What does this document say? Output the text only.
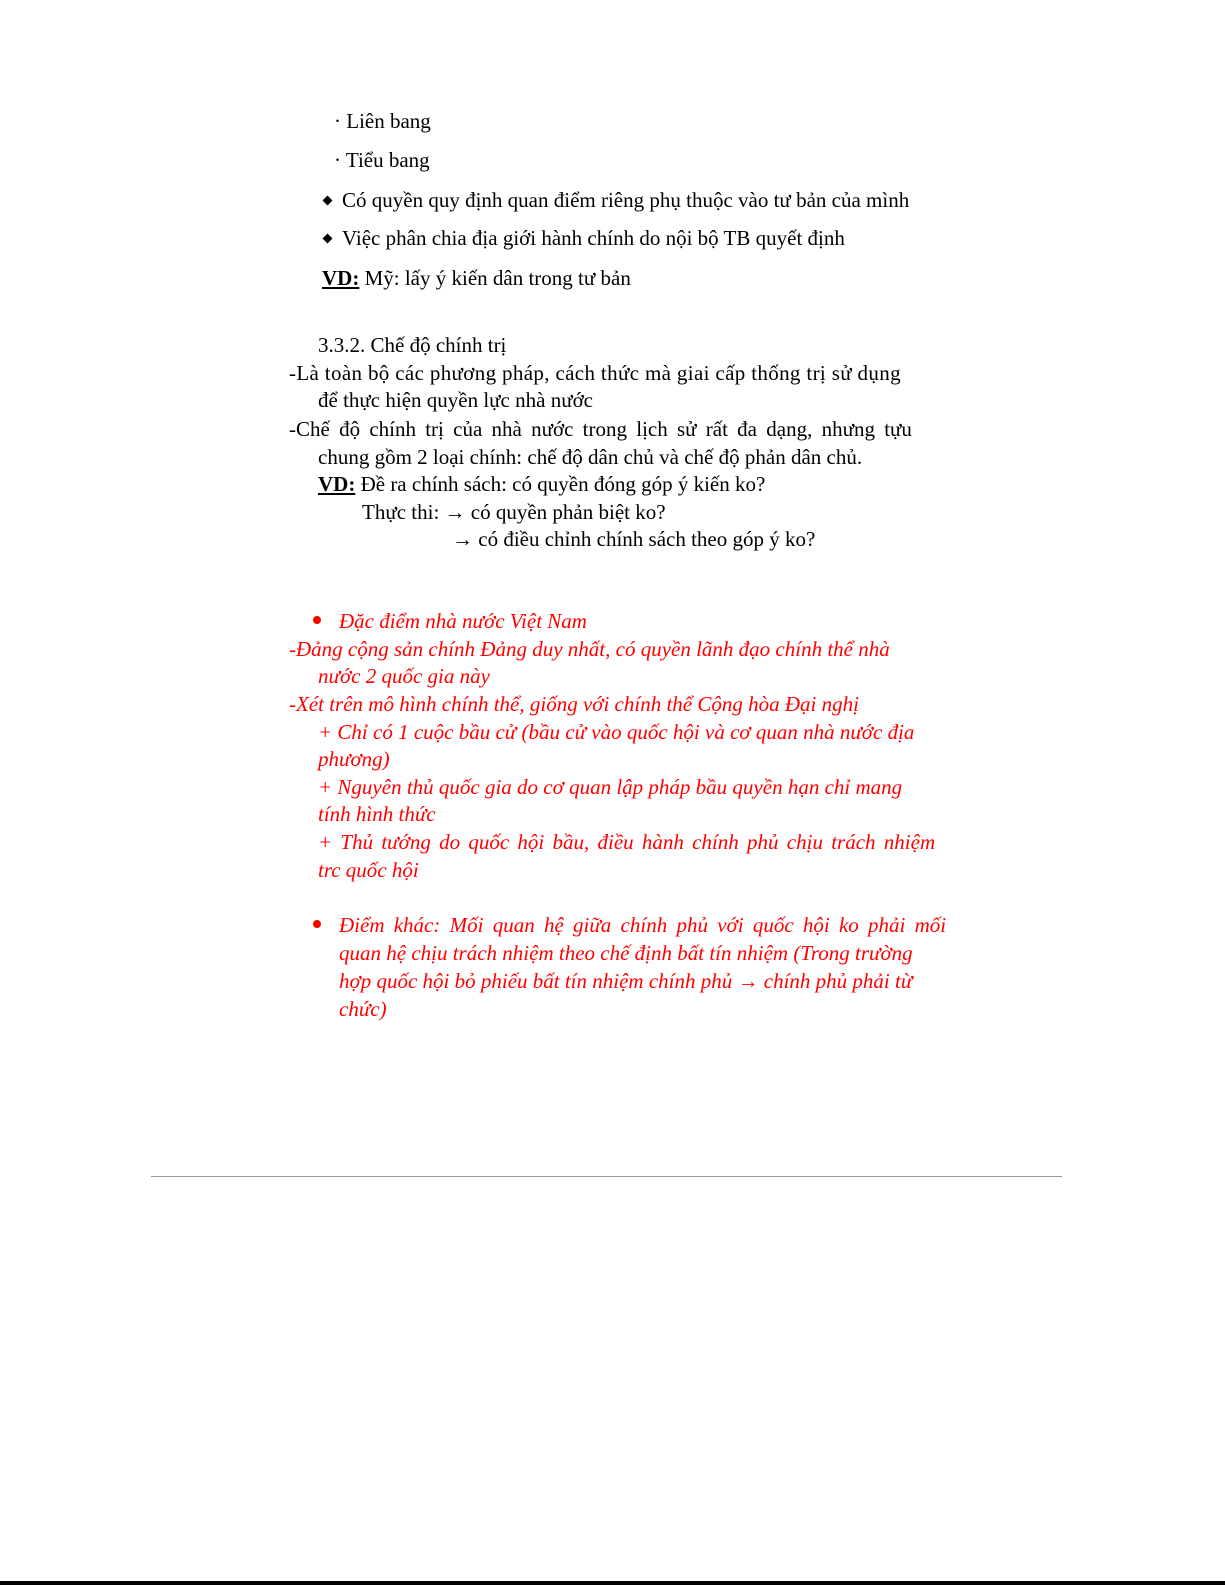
· Liên bang
· Tiểu bang
Có quyền quy định quan điểm riêng phụ thuộc vào tư bản của mình
Việc phân chia địa giới hành chính do nội bộ TB quyết định
VD: Mỹ: lấy ý kiến dân trong tư bản
3.3.2. Chế độ chính trị
-Là toàn bộ các phương pháp, cách thức mà giai cấp thống trị sử dụng
để thực hiện quyền lực nhà nước
-Chế độ chính trị của nhà nước trong lịch sử rất đa dạng, nhưng tựu
chung gồm 2 loại chính: chế độ dân chủ và chế độ phản dân chủ.
VD: Đề ra chính sách: có quyền đóng góp ý kiến ko?
Thực thi: → có quyền phản biệt ko?
→ có điều chỉnh chính sách theo góp ý ko?
Đặc điểm nhà nước Việt Nam
-Đảng cộng sản chính Đảng duy nhất, có quyền lãnh đạo chính thể nhà
nước 2 quốc gia này
-Xét trên mô hình chính thể, giống với chính thể Cộng hòa Đại nghị
+ Chỉ có 1 cuộc bầu cử (bầu cử vào quốc hội và cơ quan nhà nước địa
phương)
+ Nguyên thủ quốc gia do cơ quan lập pháp bầu quyền hạn chỉ mang
tính hình thức
+ Thủ tướng do quốc hội bầu, điều hành chính phủ chịu trách nhiệm
trc quốc hội
Điểm khác: Mối quan hệ giữa chính phủ với quốc hội ko phải mối
quan hệ chịu trách nhiệm theo chế định bất tín nhiệm (Trong trường
hợp quốc hội bỏ phiếu bất tín nhiệm chính phủ → chính phủ phải từ
chức)
